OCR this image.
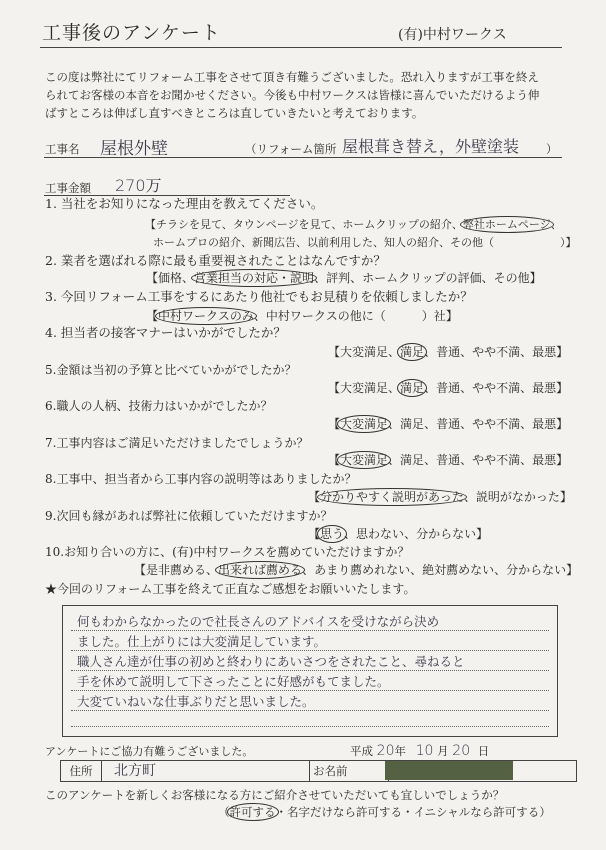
工事後のアンケート	(有)中村ワークス
この度は弊社にてリフォーム工事をさせて頂き有難うございました。恐れ入りますが工事を終え
られてお客様の本音をお聞かせください。今後も中村ワークスは皆様に喜んでいただけるよう伸
ばすところは伸ばし直すべきところは直していきたいと考えております。
工事名 屋根外壁	（リフォーム箇所 屋根葺き替え，外壁塗装 ）
工事金額 270万
1. 当社をお知りになった理由を教えてください。
【チラシを見て、タウンページを見て、ホームクリップの紹介、弊社ホームページ、
ホームプロの紹介、新聞広告、以前利用した、知人の紹介、その他（　　　　　　）】
2. 業者を選ばれる際に最も重要視されたことはなんですか？
【価格、営業担当の対応・説明、評判、ホームクリップの評価、その他】
3. 今回リフォーム工事をするにあたり他社でもお見積りを依頼しましたか？
【中村ワークスのみ、中村ワークスの他に（　　　）社】
4. 担当者の接客マナーはいかがでしたか？
【大変満足、満足、普通、やや不満、最悪】
5.金額は当初の予算と比べていかがでしたか？
【大変満足、満足、普通、やや不満、最悪】
6.職人の人柄、技術力はいかがでしたか？
【大変満足、満足、普通、やや不満、最悪】
7.工事内容はご満足いただけましたでしょうか？
【大変満足、満足、普通、やや不満、最悪】
8.工事中、担当者から工事内容の説明等はありましたか？
【分かりやすく説明があった、説明がなかった】
9.次回も縁があれば弊社に依頼していただけますか？
【思う、思わない、分からない】
10.お知り合いの方に、(有)中村ワークスを薦めていただけますか？
【是非薦める、出来れば薦める、あまり薦めれない、絶対薦めない、分からない】
★今回のリフォーム工事を終えて正直なご感想をお願いいたします。
何もわからなかったので社長さんのアドバイスを受けながら決め
ました。仕上がりには大変満足しています。
職人さん達が仕事の初めと終わりにあいさつをされたこと、尋ねると
手を休めて説明して下さったことに好感がもてました。
大変ていねいな仕事ぶりだと思いました。
アンケートにご協力有難うございました。	平成 20年 10 月 20 日
住所	北方町	お名前
このアンケートを新しくお客様になる方にご紹介させていただいても宜しいでしょうか？
（許可する・名字だけなら許可する・イニシャルなら許可する）
